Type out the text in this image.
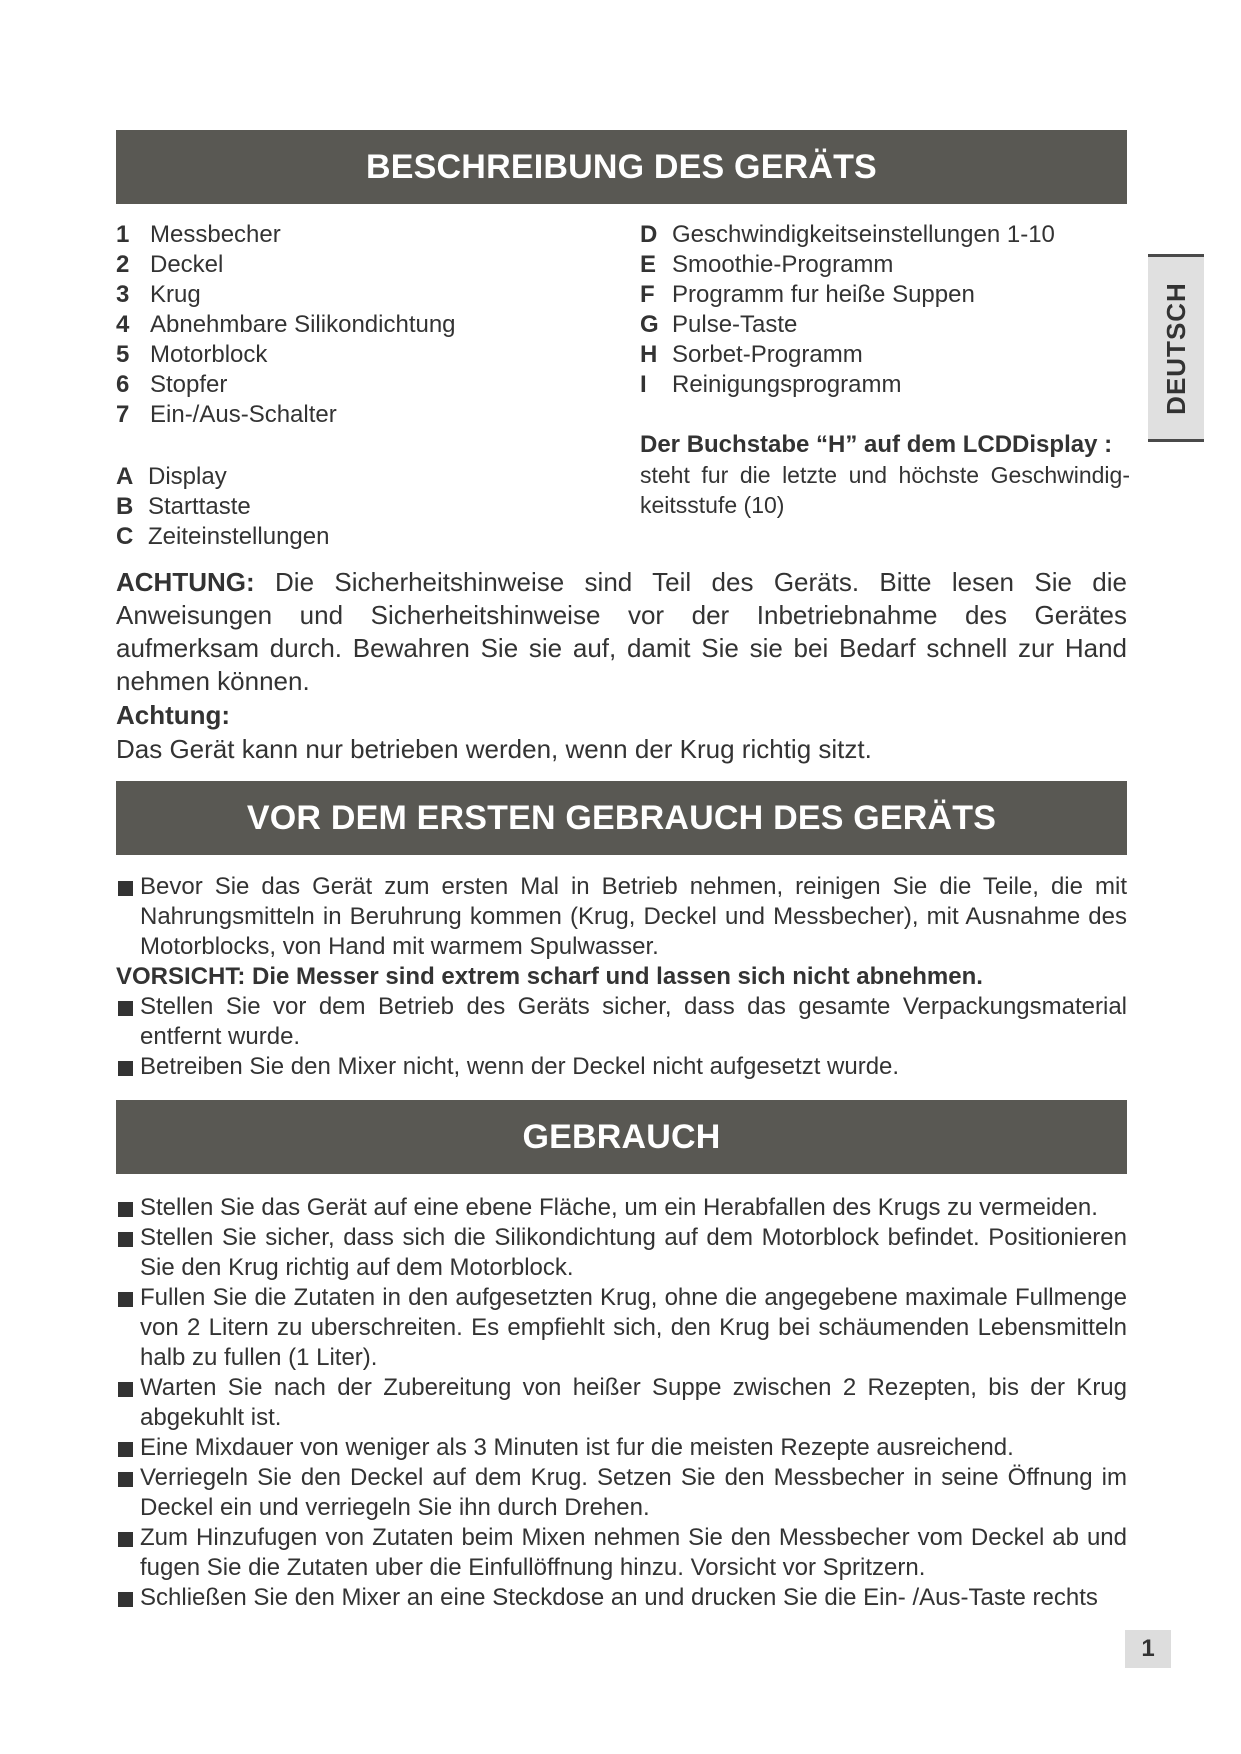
BESCHREIBUNG DES GERÄTS
1 Messbecher
2 Deckel
3 Krug
4 Abnehmbare Silikondichtung
5 Motorblock
6 Stopfer
7 Ein-/Aus-Schalter
A Display
B Starttaste
C Zeiteinstellungen
D Geschwindigkeitseinstellungen 1-10
E Smoothie-Programm
F Programm fur heiße Suppen
G Pulse-Taste
H Sorbet-Programm
I	Reinigungsprogramm
Der Buchstabe “H” auf dem LCDDisplay :
steht fur die letzte und höchste Geschwindig-keitsstufe (10)

ACHTUNG: Die Sicherheitshinweise sind Teil des Geräts. Bitte lesen Sie die Anweisungen und Sicherheitshinweise vor der Inbetriebnahme des Gerätes aufmerksam durch. Bewahren Sie sie auf, damit Sie sie bei Bedarf schnell zur Hand nehmen können.

Achtung:
Das Gerät kann nur betrieben werden, wenn der Krug richtig sitzt.
VOR DEM ERSTEN GEBRAUCH DES GERÄTS

Bevor Sie das Gerät zum ersten Mal in Betrieb nehmen, reinigen Sie die Teile, die mit Nahrungsmitteln in Beruhrung kommen (Krug, Deckel und Messbecher), mit Ausnahme des Motorblocks, von Hand mit warmem Spulwasser.

VORSICHT: Die Messer sind extrem scharf und lassen sich nicht abnehmen.

Stellen Sie vor dem Betrieb des Geräts sicher, dass das gesamte Verpackungsmaterial entfernt wurde.

Betreiben Sie den Mixer nicht, wenn der Deckel nicht aufgesetzt wurde.

GEBRAUCH

Stellen Sie das Gerät auf eine ebene Fläche, um ein Herabfallen des Krugs zu vermeiden.

Stellen Sie sicher, dass sich die Silikondichtung auf dem Motorblock befindet. Positionieren Sie den Krug richtig auf dem Motorblock.

Fullen Sie die Zutaten in den aufgesetzten Krug, ohne die angegebene maximale Fullmenge von 2 Litern zu uberschreiten. Es empfiehlt sich, den Krug bei schäumenden Lebensmitteln halb zu fullen (1 Liter).

Warten Sie nach der Zubereitung von heißer Suppe zwischen 2 Rezepten, bis der Krug abgekuhlt ist.

Eine Mixdauer von weniger als 3 Minuten ist fur die meisten Rezepte ausreichend.

Verriegeln Sie den Deckel auf dem Krug. Setzen Sie den Messbecher in seine Öffnung im Deckel ein und verriegeln Sie ihn durch Drehen.

Zum Hinzufugen von Zutaten beim Mixen nehmen Sie den Messbecher vom Deckel ab und fugen Sie die Zutaten uber die Einfullöffnung hinzu. Vorsicht vor Spritzern.

Schließen Sie den Mixer an eine Steckdose an und drucken Sie die Ein- /Aus-Taste rechts

DEUTSCH
1
